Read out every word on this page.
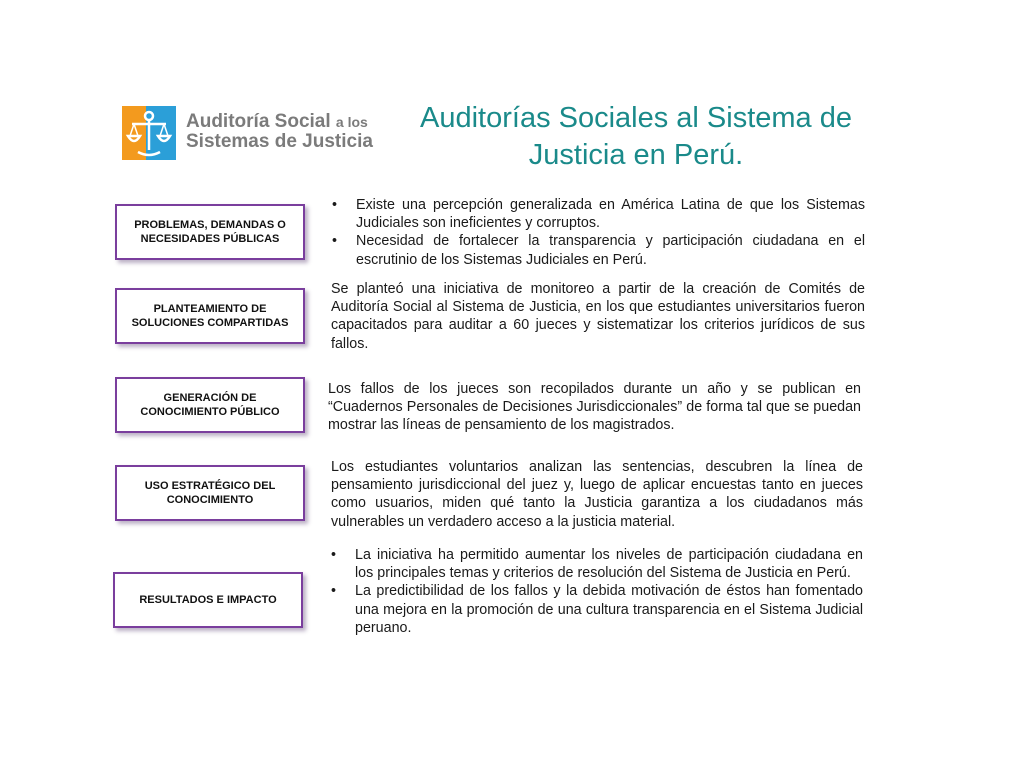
Auditoría Social a los
Sistemas de Justicia
Auditorías Sociales al Sistema de Justicia en Perú.
PROBLEMAS, DEMANDAS O NECESIDADES PÚBLICAS
• Existe una percepción generalizada en América Latina de que los Sistemas Judiciales son ineficientes y corruptos.
• Necesidad de fortalecer la transparencia y participación ciudadana en el escrutinio de los Sistemas Judiciales en Perú.
PLANTEAMIENTO DE SOLUCIONES COMPARTIDAS

Se planteó una iniciativa de monitoreo a partir de la creación de Comités de Auditoría Social al Sistema de Justicia, en los que estudiantes universitarios fueron capacitados para auditar a 60 jueces y sistematizar los criterios jurídicos de sus fallos.

GENERACIÓN DE CONOCIMIENTO PÚBLICO

Los fallos de los jueces son recopilados durante un año y se publican en “Cuadernos Personales de Decisiones Jurisdiccionales” de forma tal que se puedan mostrar las líneas de pensamiento de los magistrados.

USO ESTRATÉGICO DEL CONOCIMIENTO

Los estudiantes voluntarios analizan las sentencias, descubren la línea de pensamiento jurisdiccional del juez y, luego de aplicar encuestas tanto en jueces como usuarios, miden qué tanto la Justicia garantiza a los ciudadanos más vulnerables un verdadero acceso a la justicia material.

RESULTADOS E IMPACTO
• La iniciativa ha permitido aumentar los niveles de participación ciudadana en los principales temas y criterios de resolución del Sistema de Justicia en Perú.
• La predictibilidad de los fallos y la debida motivación de éstos han fomentado una mejora en la promoción de una cultura transparencia en el Sistema Judicial peruano.
